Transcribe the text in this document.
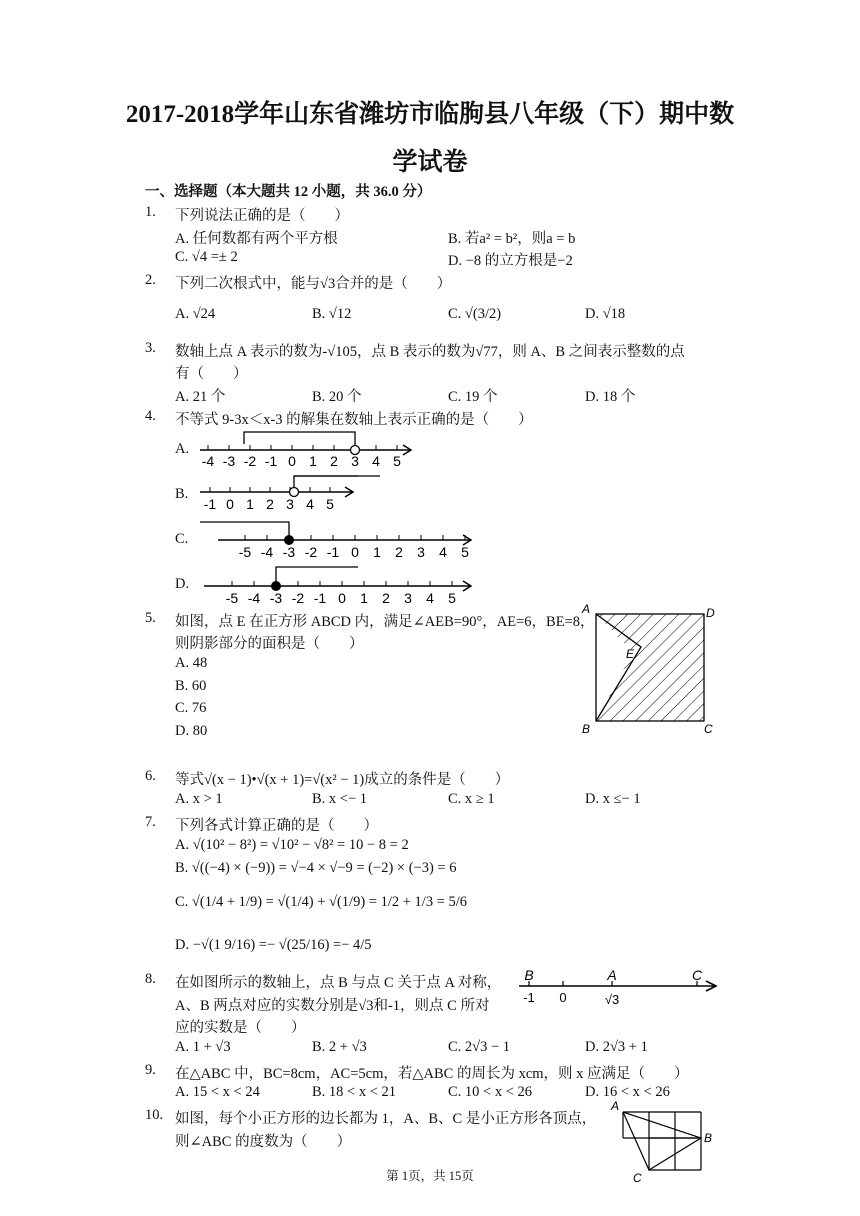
2017-2018学年山东省潍坊市临朐县八年级（下）期中数
学试卷
一、选择题（本大题共 12 小题，共 36.0 分）
1. 下列说法正确的是（　　）
A. 任何数都有两个平方根	B. 若a² = b²，则a = b
C. √4 =± 2	D. −8 的立方根是−2
2. 下列二次根式中，能与√3合并的是（　　）
A. √24	B. √12	C. √(3/2)	D. √18
3. 数轴上点 A 表示的数为-√105，点 B 表示的数为√77，则 A、B 之间表示整数的点
有（　　）
A. 21 个	B. 20 个	C. 19 个	D. 18 个
4. 不等式 9-3x＜x-3 的解集在数轴上表示正确的是（　　）
A.
-4 -3 -2 -1 0 1 2 3 4 5
B.
-1 0 1 2 3 4 5
C.
-5 -4 -3 -2 -1 0 1 2 3 4 5
D.
-5 -4 -3 -2 -1 0 1 2 3 4 5
5. 如图，点 E 在正方形 ABCD 内，满足∠AEB=90°，AE=6，BE=8，
则阴影部分的面积是（　　）
A. 48
B. 60
C. 76
D. 80
A	D
B	C
E
6. 等式√(x − 1)•√(x + 1)=√(x² − 1)成立的条件是（　　）
A. x > 1	B. x <− 1	C. x ≥ 1	D. x ≤− 1
7. 下列各式计算正确的是（　　）
A. √(10² − 8²) = √10² − √8² = 10 − 8 = 2
B. √((−4) × (−9)) = √−4 × √−9 = (−2) × (−3) = 6
C. √(1/4 + 1/9) = √(1/4) + √(1/9) = 1/2 + 1/3 = 5/6
D. −√(1 9/16) =− √(25/16) =− 4/5
8. 在如图所示的数轴上，点 B 与点 C 关于点 A 对称，
A、B 两点对应的实数分别是√3和-1，则点 C 所对
应的实数是（　　）
B	A	C
-1 0	√3
A. 1 + √3	B. 2 + √3	C. 2√3 − 1	D. 2√3 + 1
9. 在△ABC 中，BC=8cm，AC=5cm，若△ABC 的周长为 xcm，则 x 应满足（　　）
A. 15 < x < 24	B. 18 < x < 21	C. 10 < x < 26	D. 16 < x < 26
10. 如图，每个小正方形的边长都为 1，A、B、C 是小正方形各顶点，
则∠ABC 的度数为（　　）
A
B
C
第 1页，共 15页
